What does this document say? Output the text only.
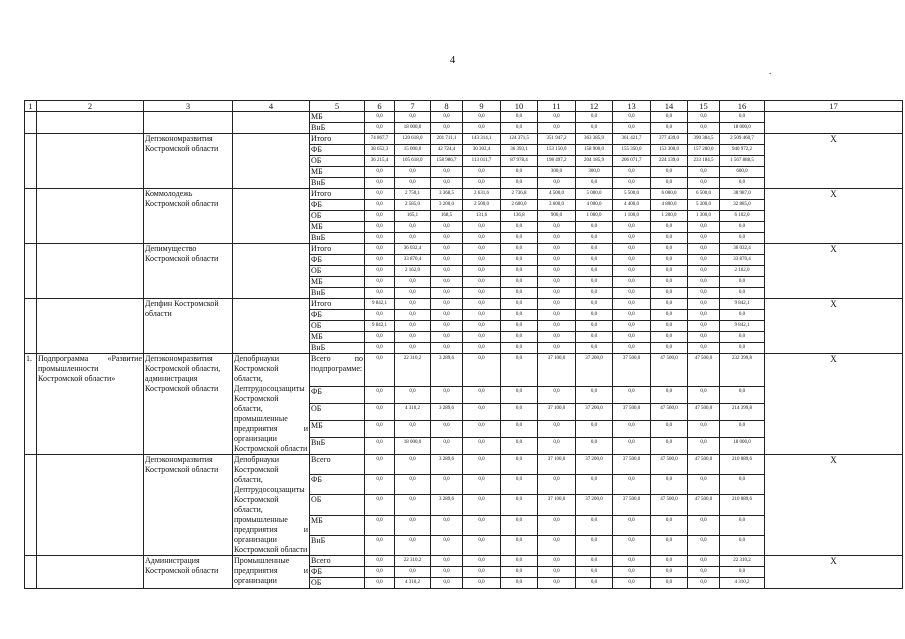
4
.
1	2	3	4	5	6	7	8	9	10	11	12	13	14	15	16	17
				МБ	0,0	0,0	0,0	0,0	0,0	0,0	0,0	0,0	0,0	0,0	0,0	
				ВнБ	0,0	18 000,0	0,0	0,0	0,0	0,0	0,0	0,0	0,0	0,0	18 000,0	
		Депэкономразвития Костромской области		Итого	74 867,7	120 618,0	201 711,1	143 314,1	124 371,5	351 947,2	363 385,9	361 421,7	377 439,0	390 384,5	2 509 460,7	X
				ФБ	38 652,3	15 000,0	42 724,4	30 302,4	36 393,1	153 150,0	158 900,0	155 350,0	153 300,0	157 200,0	940 972,2	
				ОБ	36 215,4	105 618,0	158 986,7	113 011,7	87 978,4	198 497,2	204 185,9	206 071,7	224 139,0	233 184,5	1 567 888,5	
				МБ	0,0	0,0	0,0	0,0	0,0	300,0	300,0	0,0	0,0	0,0	600,0	
				ВнБ	0,0	0,0	0,0	0,0	0,0	0,0	0,0	0,0	0,0	0,0	0,0	
		Коммолодежь Костромской области		Итого	0,0	2 750,1	3 368,5	2 631,6	2 736,8	4 500,0	5 000,0	5 500,0	6 000,0	6 500,0	38 987,0	X
				ФБ	0,0	2 585,0	3 200,0	2 500,0	2 600,0	3 600,0	4 000,0	4 400,0	4 800,0	5 200,0	32 885,0	
				ОБ	0,0	165,1	168,5	131,6	136,8	900,0	1 000,0	1 100,0	1 200,0	1 300,0	6 102,0	
				МБ	0,0	0,0	0,0	0,0	0,0	0,0	0,0	0,0	0,0	0,0	0,0	
				ВнБ	0,0	0,0	0,0	0,0	0,0	0,0	0,0	0,0	0,0	0,0	0,0	
		Депимущество Костромской области		Итого	0,0	36 032,4	0,0	0,0	0,0	0,0	0,0	0,0	0,0	0,0	36 032,4	X
				ФБ	0,0	33 870,4	0,0	0,0	0,0	0,0	0,0	0,0	0,0	0,0	33 870,4	
				ОБ	0,0	2 162,0	0,0	0,0	0,0	0,0	0,0	0,0	0,0	0,0	2 162,0	
				МБ	0,0	0,0	0,0	0,0	0,0	0,0	0,0	0,0	0,0	0,0	0,0	
				ВнБ	0,0	0,0	0,0	0,0	0,0	0,0	0,0	0,0	0,0	0,0	0,0	
		Депфин Костромской области		Итого	9 842,1	0,0	0,0	0,0	0,0	0,0	0,0	0,0	0,0	0,0	9 842,1	X
				ФБ	0,0	0,0	0,0	0,0	0,0	0,0	0,0	0,0	0,0	0,0	0,0	
				ОБ	9 842,1	0,0	0,0	0,0	0,0	0,0	0,0	0,0	0,0	0,0	9 842,1	
				МБ	0,0	0,0	0,0	0,0	0,0	0,0	0,0	0,0	0,0	0,0	0,0	
				ВнБ	0,0	0,0	0,0	0,0	0,0	0,0	0,0	0,0	0,0	0,0	0,0	
1.	Подпрограмма «Развитие промышленности Костромской области»	Депэкономразвития Костромской области, администрация Костромской области	Депобрнауки Костромской области, Дептрудосоцзащиты Костромской области, промышленные предприятия и организации Костромской области	Всего по подпрограмме:	0,0	22 310,2	3 289,6	0,0	0,0	37 100,0	37 200,0	37 500,0	47 500,0	47 500,0	232 399,8	X
				ФБ	0,0	0,0	0,0	0,0	0,0	0,0	0,0	0,0	0,0	0,0	0,0	
				ОБ	0,0	4 310,2	3 289,6	0,0	0,0	37 100,0	37 200,0	37 500,0	47 500,0	47 500,0	214 399,8	
				МБ	0,0	0,0	0,0	0,0	0,0	0,0	0,0	0,0	0,0	0,0	0,0	
				ВнБ	0,0	18 000,0	0,0	0,0	0,0	0,0	0,0	0,0	0,0	0,0	18 000,0	
		Депэкономразвития Костромской области	Депобрнауки Костромской области, Дептрудосоцзащиты Костромской области, промышленные предприятия и организации Костромской области	Всего	0,0	0,0	3 289,6	0,0	0,0	37 100,0	37 200,0	37 500,0	47 500,0	47 500,0	210 089,6	X
				ФБ	0,0	0,0	0,0	0,0	0,0	0,0	0,0	0,0	0,0	0,0	0,0	
				ОБ	0,0	0,0	3 289,6	0,0	0,0	37 100,0	37 200,0	37 500,0	47 500,0	47 500,0	210 089,6	
				МБ	0,0	0,0	0,0	0,0	0,0	0,0	0,0	0,0	0,0	0,0	0,0	
				ВнБ	0,0	0,0	0,0	0,0	0,0	0,0	0,0	0,0	0,0	0,0	0,0	
		Администрация Костромской области	Промышленные предприятия и организации	Всего	0,0	22 310,2	0,0	0,0	0,0	0,0	0,0	0,0	0,0	0,0	22 310,2	X
				ФБ	0,0	0,0	0,0	0,0	0,0	0,0	0,0	0,0	0,0	0,0	0,0	
				ОБ	0,0	4 310,2	0,0	0,0	0,0	0,0	0,0	0,0	0,0	0,0	4 310,2	
